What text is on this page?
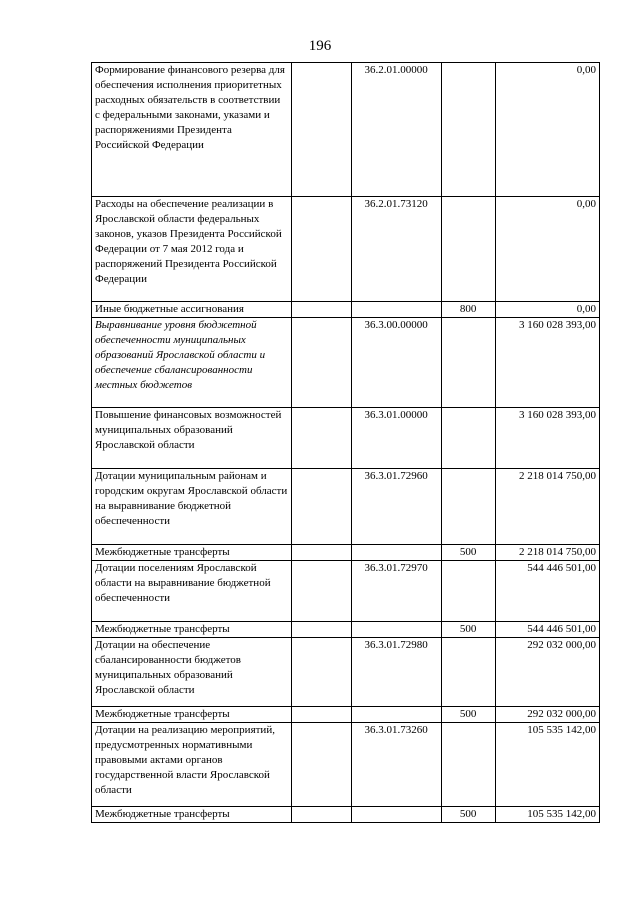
196
Формирование финансового резерва для обеспечения исполнения приоритетных расходных обязательств в соответствии с федеральными законами, указами и распоряжениями Президента Российской Федерации		36.2.01.00000		0,00
Расходы на обеспечение реализации в Ярославской области федеральных законов, указов Президента Российской Федерации от 7 мая 2012 года и распоряжений Президента Российской Федерации		36.2.01.73120		0,00
Иные бюджетные ассигнования			800	0,00
Выравнивание уровня бюджетной обеспеченности муниципальных образований Ярославской области и обеспечение сбалансированности местных бюджетов		36.3.00.00000		3 160 028 393,00
Повышение финансовых возможностей муниципальных образований Ярославской области		36.3.01.00000		3 160 028 393,00
Дотации муниципальным районам и городским округам Ярославской области на выравнивание бюджетной обеспеченности		36.3.01.72960		2 218 014 750,00
Межбюджетные трансферты			500	2 218 014 750,00
Дотации поселениям Ярославской области на выравнивание бюджетной обеспеченности		36.3.01.72970		544 446 501,00
Межбюджетные трансферты			500	544 446 501,00
Дотации на обеспечение сбалансированности бюджетов муниципальных образований Ярославской области		36.3.01.72980		292 032 000,00
Межбюджетные трансферты			500	292 032 000,00
Дотации на реализацию мероприятий, предусмотренных нормативными правовыми актами органов государственной власти Ярославской области		36.3.01.73260		105 535 142,00
Межбюджетные трансферты			500	105 535 142,00
